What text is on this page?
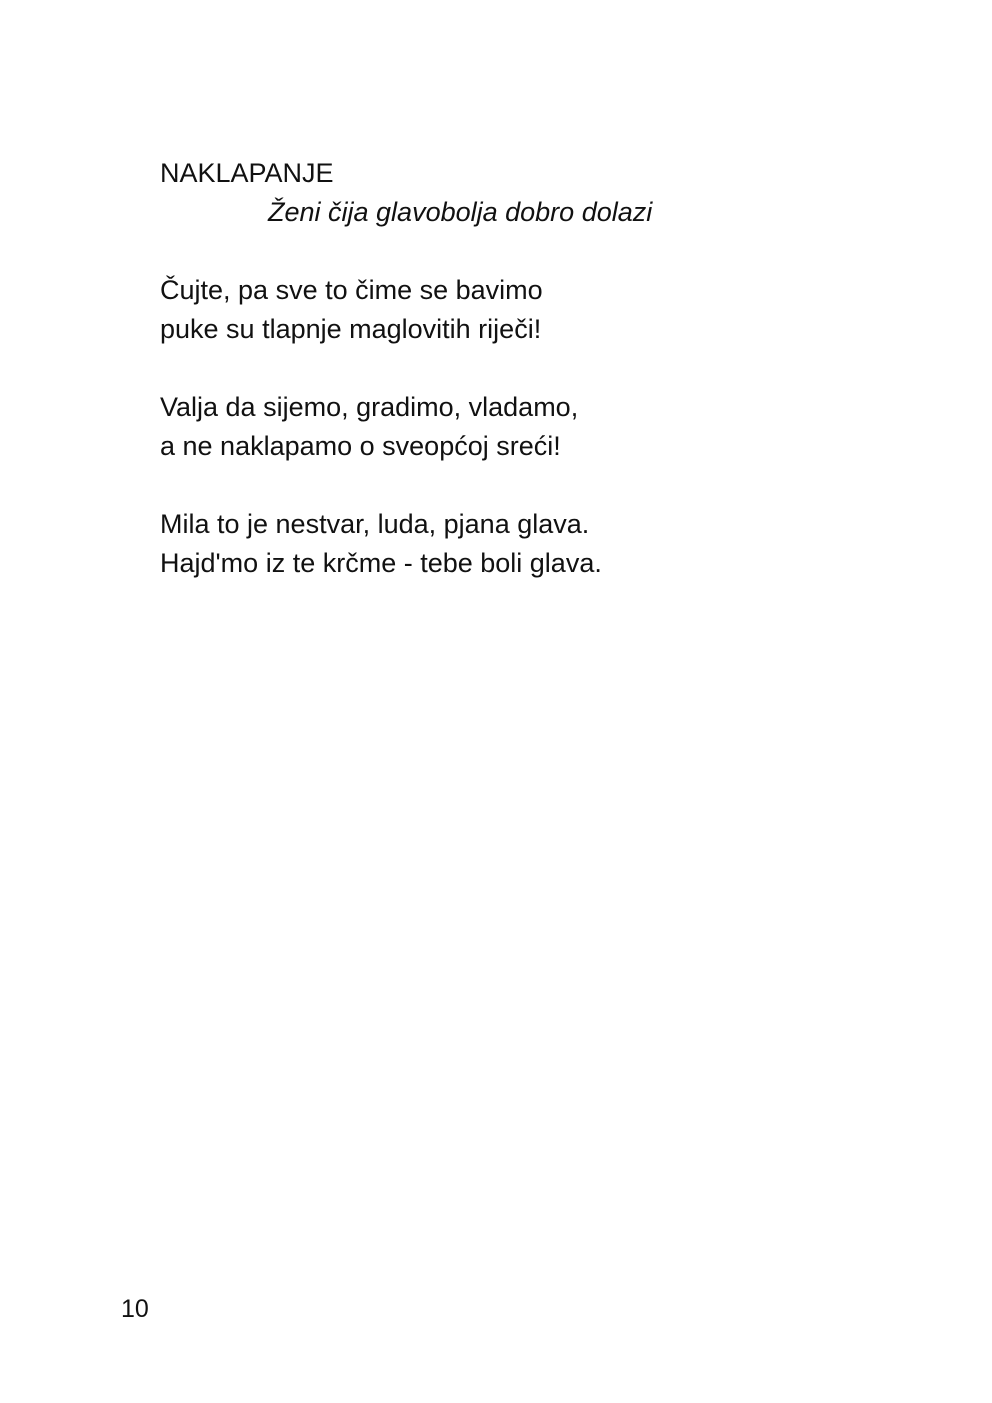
NAKLAPANJE
Ženi čija glavobolja dobro dolazi
Čujte, pa sve to čime se bavimo
puke su tlapnje maglovitih riječi!
Valja da sijemo, gradimo, vladamo,
a ne naklapamo o sveopćoj sreći!
Mila to je nestvar, luda, pjana glava.
Hajd'mo iz te krčme - tebe boli glava.
10
